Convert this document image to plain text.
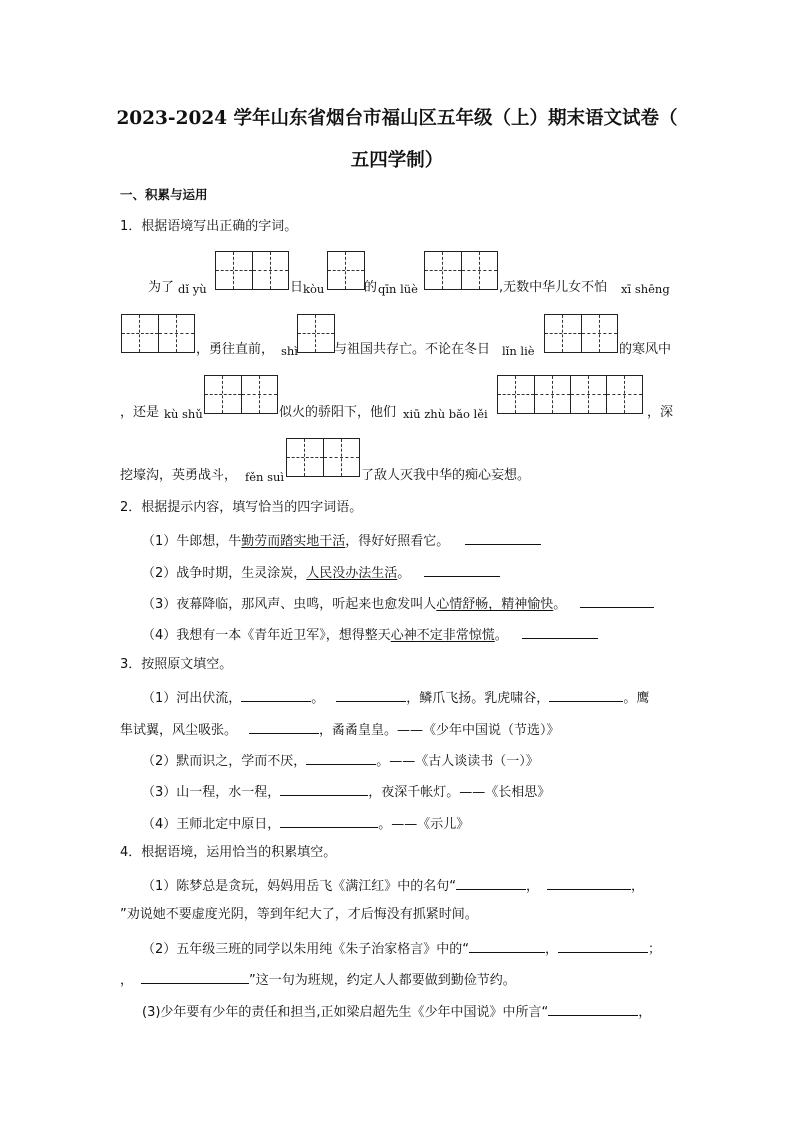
2023-2024 学年山东省烟台市福山区五年级（上）期末语文试卷（
五四学制）
一、积累与运用
1．根据语境写出正确的字词。
为了 dǐ yù	日 kòu	的 qīn lüè	,无数中华儿女不怕 xī shēng
，勇往直前， shì	与祖国共存亡。不论在冬日 lǐn liè	的寒风中
，还是 kù shǔ	似火的骄阳下，他们 xiū zhù bǎo lěi	，深
挖壕沟，英勇战斗， fěn suì	了敌人灭我中华的痴心妄想。
2．根据提示内容，填写恰当的四字词语。
（1）牛郎想，牛勤劳而踏实地干活，得好好照看它。
（2）战争时期，生灵涂炭，人民没办法生活。
（3）夜幕降临，那风声、虫鸣，听起来也愈发叫人心情舒畅，精神愉快。
（4）我想有一本《青年近卫军》，想得整天心神不定非常惊慌。
3．按照原文填空。
（1）河出伏流，	。	，鳞爪飞扬。乳虎啸谷，	。鹰
隼试翼，风尘吸张。	，矞矞皇皇。——《少年中国说（节选）》
（2）默而识之，学而不厌，	。——《古人谈读书（一）》
（3）山一程，水一程，	，夜深千帐灯。——《长相思》
（4）王师北定中原日，	。——《示儿》
4．根据语境，运用恰当的积累填空。
（1）陈梦总是贪玩，妈妈用岳飞《满江红》中的名句“	，	，
”劝说她不要虚度光阴，等到年纪大了，才后悔没有抓紧时间。
（2）五年级三班的同学以朱用纯《朱子治家格言》中的“	，	；
，	”这一句为班规，约定人人都要做到勤俭节约。
(3)少年要有少年的责任和担当,正如梁启超先生《少年中国说》中所言“	，
